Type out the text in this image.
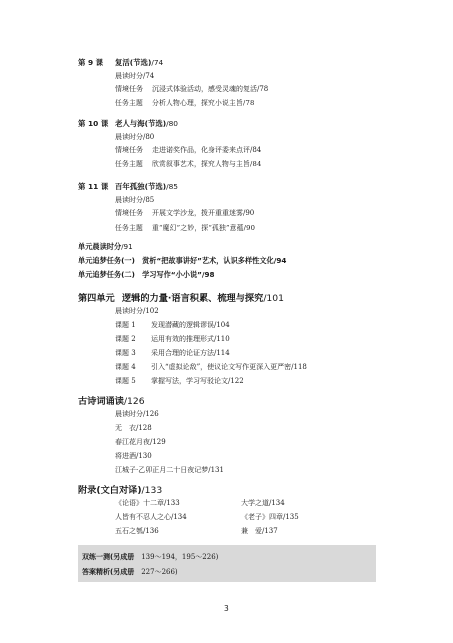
第 9 课 复活(节选)/74
晨读时分/74
情境任务 沉浸式体验活动，感受灵魂的复活/78
任务主题 分析人物心理，探究小说主旨/78
第 10 课 老人与海(节选)/80
晨读时分/80
情境任务 走进诺奖作品，化身评委来点评/84
任务主题 欣赏叙事艺术，探究人物与主旨/84
第 11 课 百年孤独(节选)/85
晨读时分/85
情境任务 开展文学沙龙，拨开重重迷雾/90
任务主题 重“魔幻”之妙，探“孤独”意蕴/90
单元晨读时分/91
单元追梦任务(一)　 赏析“把故事讲好”艺术，认识多样性文化/94
单元追梦任务(二)　 学习写作“小小说”/98
第四单元 逻辑的力量·语言积累、梳理与探究/101
晨读时分/102
课题 1 发现潜藏的逻辑谬误/104
课题 2 运用有效的推理形式/110
课题 3 采用合理的论证方法/114
课题 4 引入“虚拟论敌”，使议论文写作更深入更严密/118
课题 5 掌握写法，学习写驳论文/122
古诗词诵读/126
晨读时分/126
无　衣/128
春江花月夜/129
将进酒/130
江城子·乙卯正月二十日夜记梦/131
附录(文白对译)/133
《论语》十二章/133	大学之道/134
人皆有不忍人之心/134	《老子》四章/135
五石之瓠/136	兼　爱/137
双练一测(另成册　 139～194，195～226)
答案精析(另成册　 227～266)
3
